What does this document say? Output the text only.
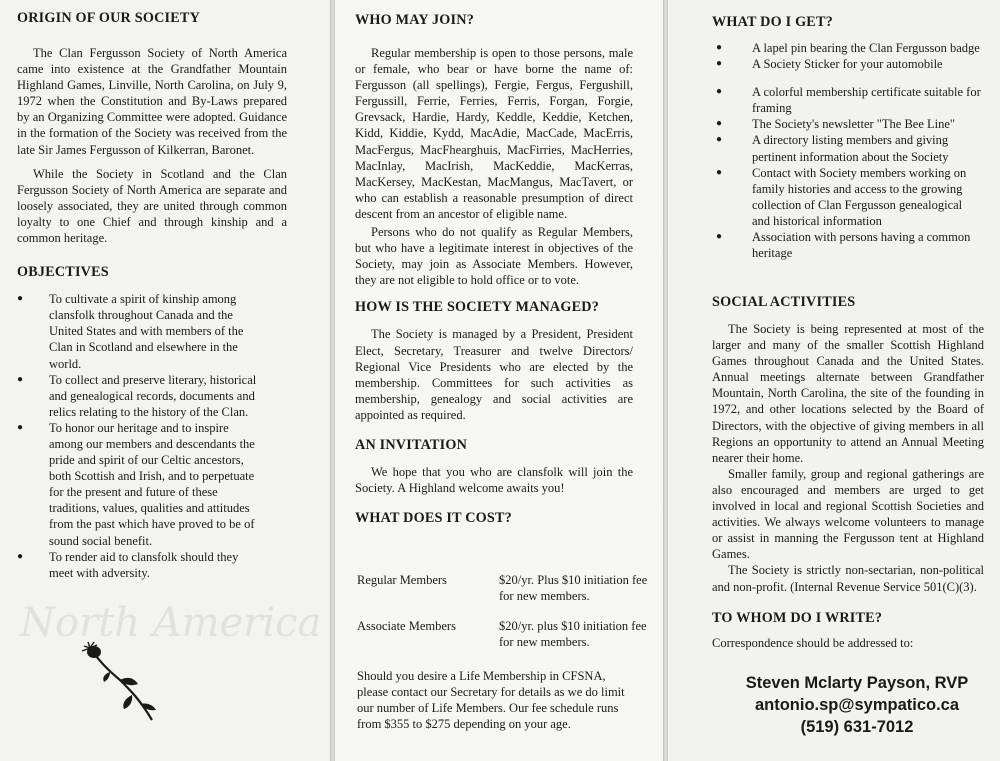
North America
ORIGIN OF OUR SOCIETY

The Clan Fergusson Society of North America came into existence at the Grandfather Mountain Highland Games, Linville, North Carolina, on July 9, 1972 when the Constitution and By-Laws prepared by an Organizing Committee were adopted. Guidance in the formation of the Society was received from the late Sir James Fergusson of Kilkerran, Baronet.

While the Society in Scotland and the Clan Fergusson Society of North America are separate and loosely associated, they are united through common loyalty to one Chief and through kinship and a common heritage.

OBJECTIVES
● To cultivate a spirit of kinship among clansfolk throughout Canada and the United States and with members of the Clan in Scotland and elsewhere in the world.
● To collect and preserve literary, historical and genealogical records, documents and relics relating to the history of the Clan.
● To honor our heritage and to inspire among our members and descendants the pride and spirit of our Celtic ancestors, both Scottish and Irish, and to perpetuate for the present and future of these traditions, values, qualities and attitudes from the past which have proved to be of sound social benefit.
● To render aid to clansfolk should they meet with adversity.
WHO MAY JOIN?

Regular membership is open to those persons, male or female, who bear or have borne the name of: Fergusson (all spellings), Fergie, Fergus, Fergushill, Fergussill, Ferrie, Ferries, Ferris, Forgan, Forgie, Grevsack, Hardie, Hardy, Keddle, Keddie, Ketchen, Kidd, Kiddie, Kydd, MacAdie, MacCade, MacErris, MacFergus, MacFhearghuis, MacFirries, MacHerries, MacInlay, MacIrish, MacKeddie, MacKerras, MacKersey, MacKestan, MacMangus, MacTavert, or who can establish a reasonable presumption of direct descent from an ancestor of eligible name.

Persons who do not qualify as Regular Members, but who have a legitimate interest in objectives of the Society, may join as Associate Members. However, they are not eligible to hold office or to vote.

HOW IS THE SOCIETY MANAGED?

The Society is managed by a President, President Elect, Secretary, Treasurer and twelve Directors/ Regional Vice Presidents who are elected by the membership. Committees for such activities as membership, genealogy and social activities are appointed as required.

AN INVITATION

We hope that you who are clansfolk will join the Society. A Highland welcome awaits you!

WHAT DOES IT COST?
Regular Members	$20/yr. Plus $10 initiation fee for new members.
Associate Members	$20/yr. plus $10 initiation fee for new members.

Should you desire a Life Membership in CFSNA, please contact our Secretary for details as we do limit our number of Life Members. Our fee schedule runs from $355 to $275 depending on your age.

WHAT DO I GET?
● A lapel pin bearing the Clan Fergusson badge
● A Society Sticker for your automobile
● A colorful membership certificate suitable for framing
● The Society's newsletter "The Bee Line"
● A directory listing members and giving pertinent information about the Society
● Contact with Society members working on family histories and access to the growing collection of Clan Fergusson genealogical and historical information
● Association with persons having a common heritage
SOCIAL ACTIVITIES

The Society is being represented at most of the larger and many of the smaller Scottish Highland Games throughout Canada and the United States. Annual meetings alternate between Grandfather Mountain, North Carolina, the site of the founding in 1972, and other locations selected by the Board of Directors, with the objective of giving members in all Regions an opportunity to attend an Annual Meeting nearer their home.

Smaller family, group and regional gatherings are also encouraged and members are urged to get involved in local and regional Scottish Societies and activities. We always welcome volunteers to manage or assist in manning the Fergusson tent at Highland Games.

The Society is strictly non-sectarian, non-political and non-profit. (Internal Revenue Service 501(C)(3).

TO WHOM DO I WRITE?

Correspondence should be addressed to:

Steven Mclarty Payson, RVP
antonio.sp@sympatico.ca
(519) 631-7012
